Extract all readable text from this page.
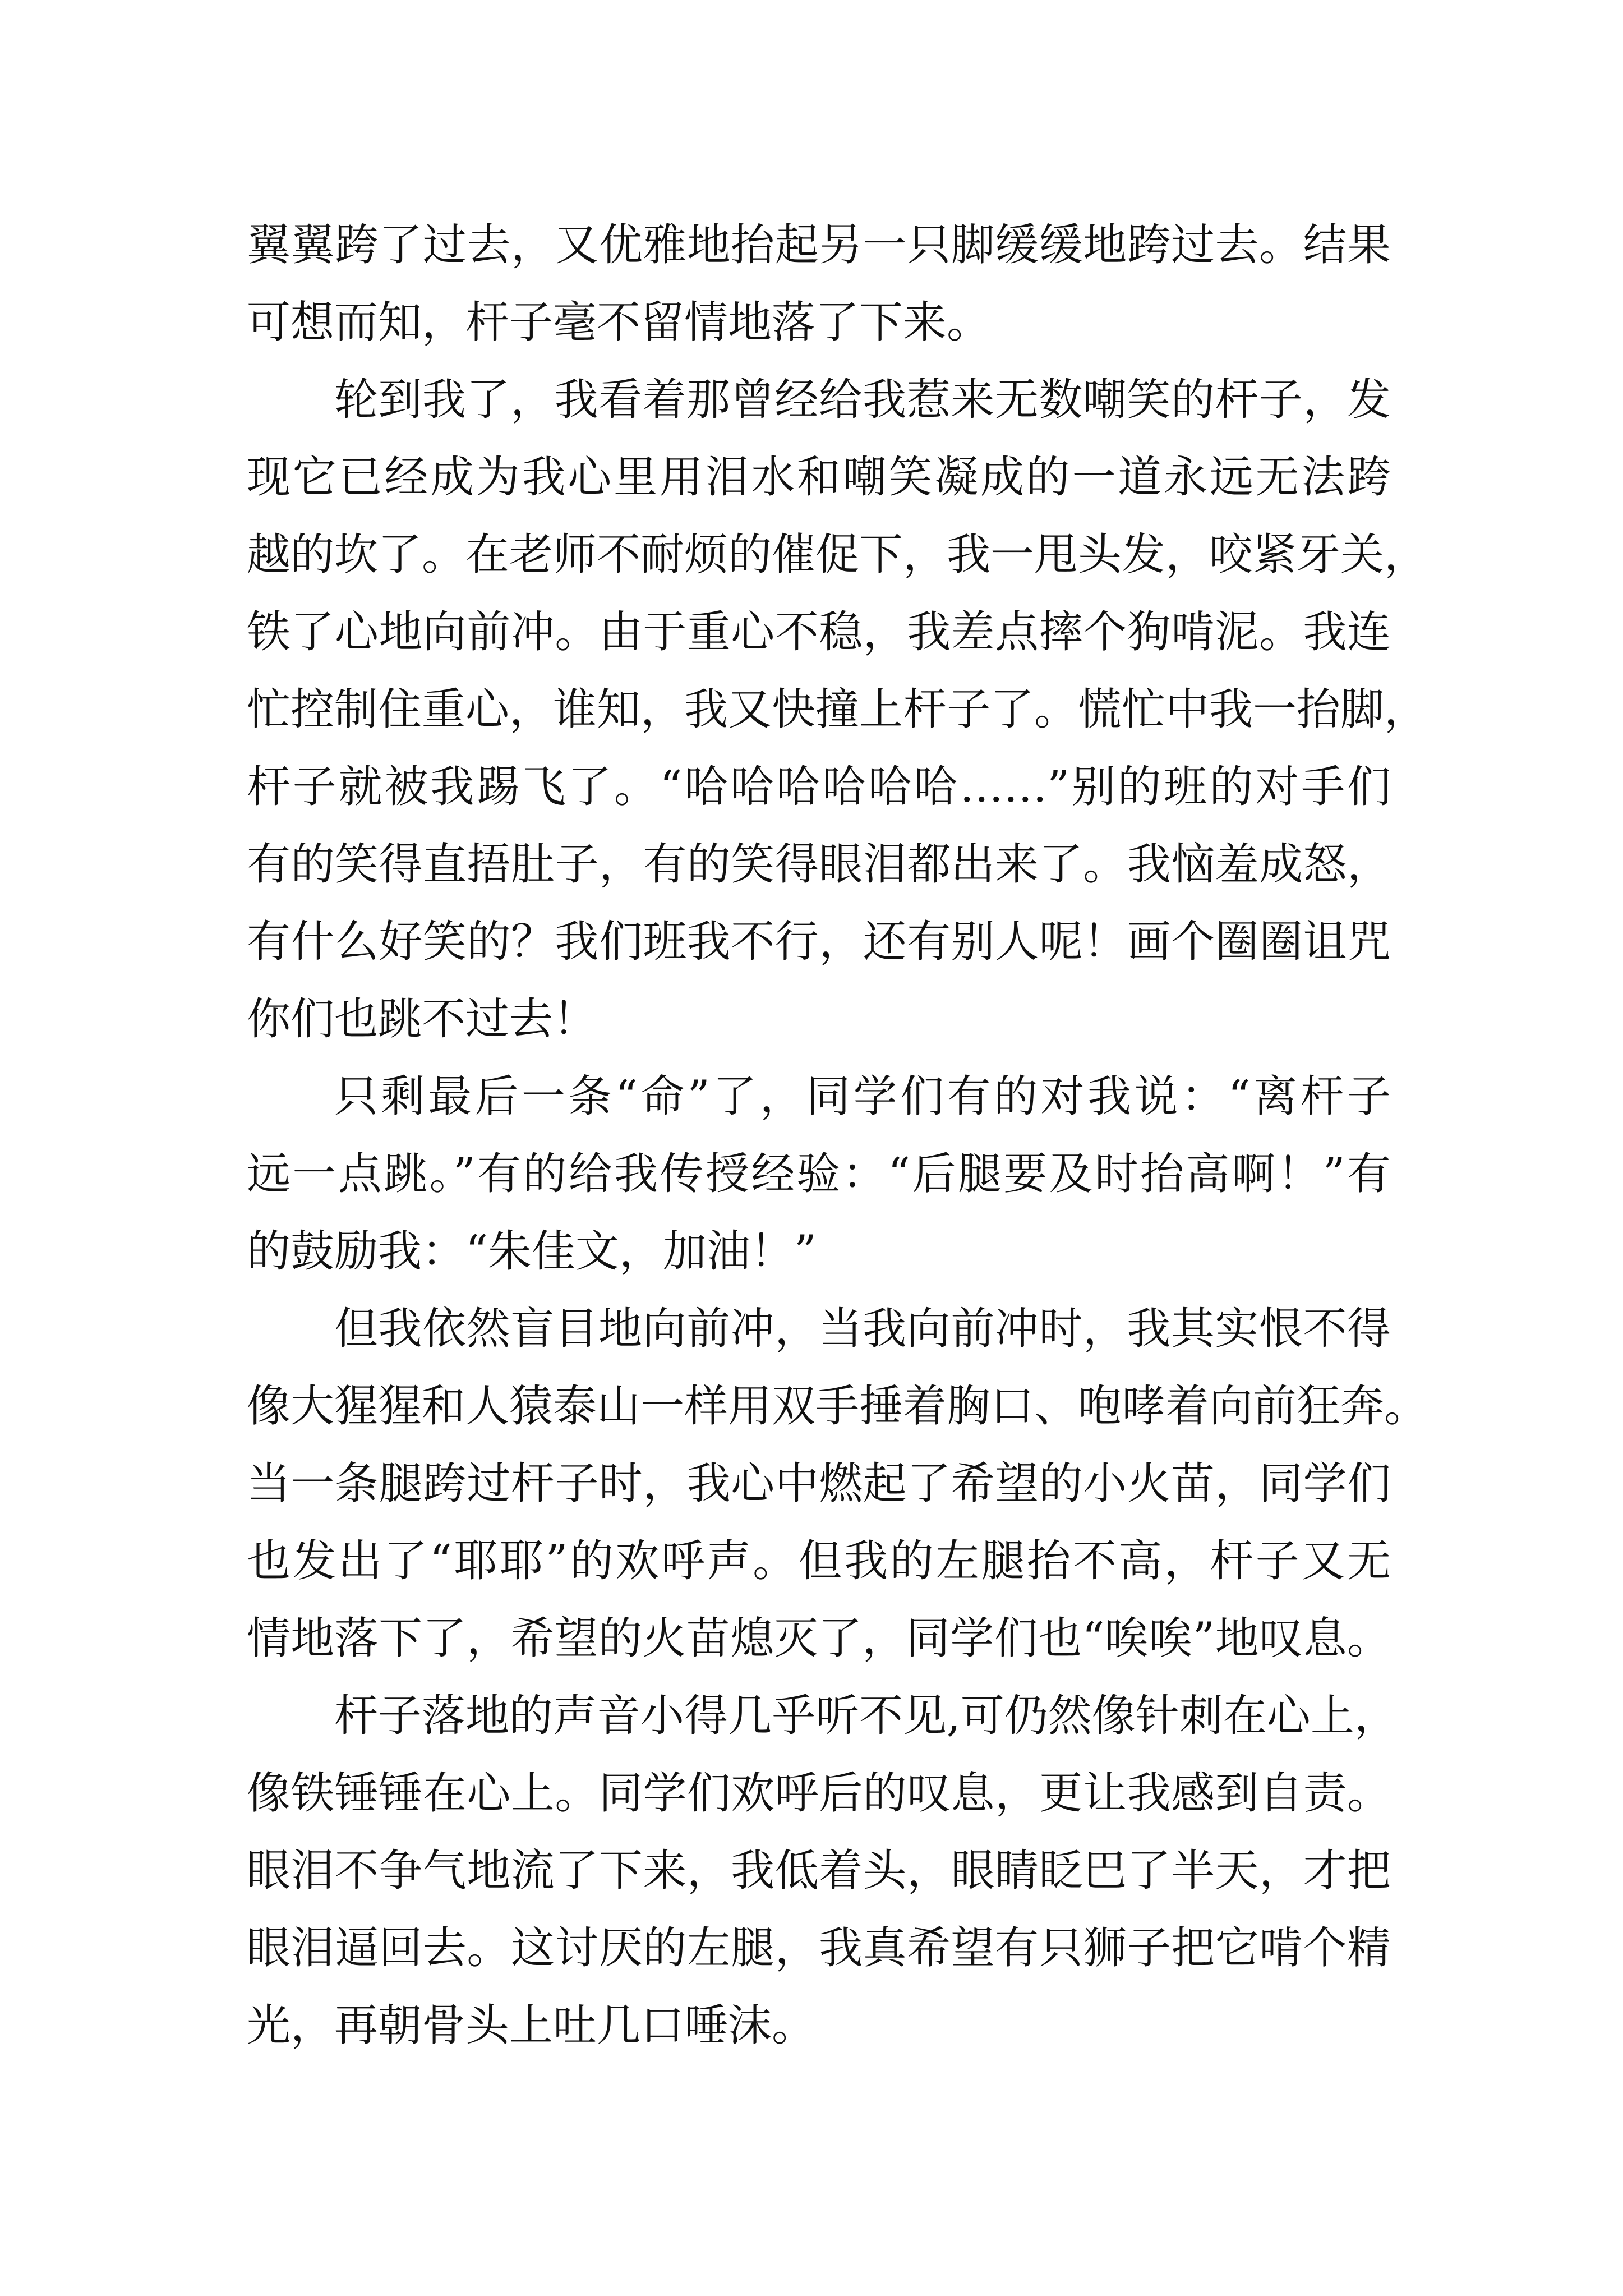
翼翼跨了过去，又优雅地抬起另一只脚缓缓地跨过去。结果
可想而知，杆子毫不留情地落了下来。

轮到我了，我看着那曾经给我惹来无数嘲笑的杆子，发
现它已经成为我心里用泪水和嘲笑凝成的一道永远无法跨
越的坎了。在老师不耐烦的催促下，我一甩头发，咬紧牙关，
铁了心地向前冲。由于重心不稳，我差点摔个狗啃泥。我连
忙控制住重心，谁知，我又快撞上杆子了。慌忙中我一抬脚，
杆子就被我踢飞了。“哈哈哈哈哈哈……”别的班的对手们
有的笑得直捂肚子，有的笑得眼泪都出来了。我恼羞成怒，
有什么好笑的？我们班我不行，还有别人呢！画个圈圈诅咒
你们也跳不过去！

只剩最后一条“命”了，同学们有的对我说：“离杆子
远一点跳。”有的给我传授经验：“后腿要及时抬高啊！”有
的鼓励我：“朱佳文，加油！”

但我依然盲目地向前冲，当我向前冲时，我其实恨不得
像大猩猩和人猿泰山一样用双手捶着胸口、咆哮着向前狂奔。
当一条腿跨过杆子时，我心中燃起了希望的小火苗，同学们
也发出了“耶耶”的欢呼声。但我的左腿抬不高，杆子又无
情地落下了，希望的火苗熄灭了，同学们也“唉唉”地叹息。

杆子落地的声音小得几乎听不见,可仍然像针刺在心上，
像铁锤锤在心上。同学们欢呼后的叹息，更让我感到自责。
眼泪不争气地流了下来，我低着头，眼睛眨巴了半天，才把
眼泪逼回去。这讨厌的左腿，我真希望有只狮子把它啃个精
光，再朝骨头上吐几口唾沫。
